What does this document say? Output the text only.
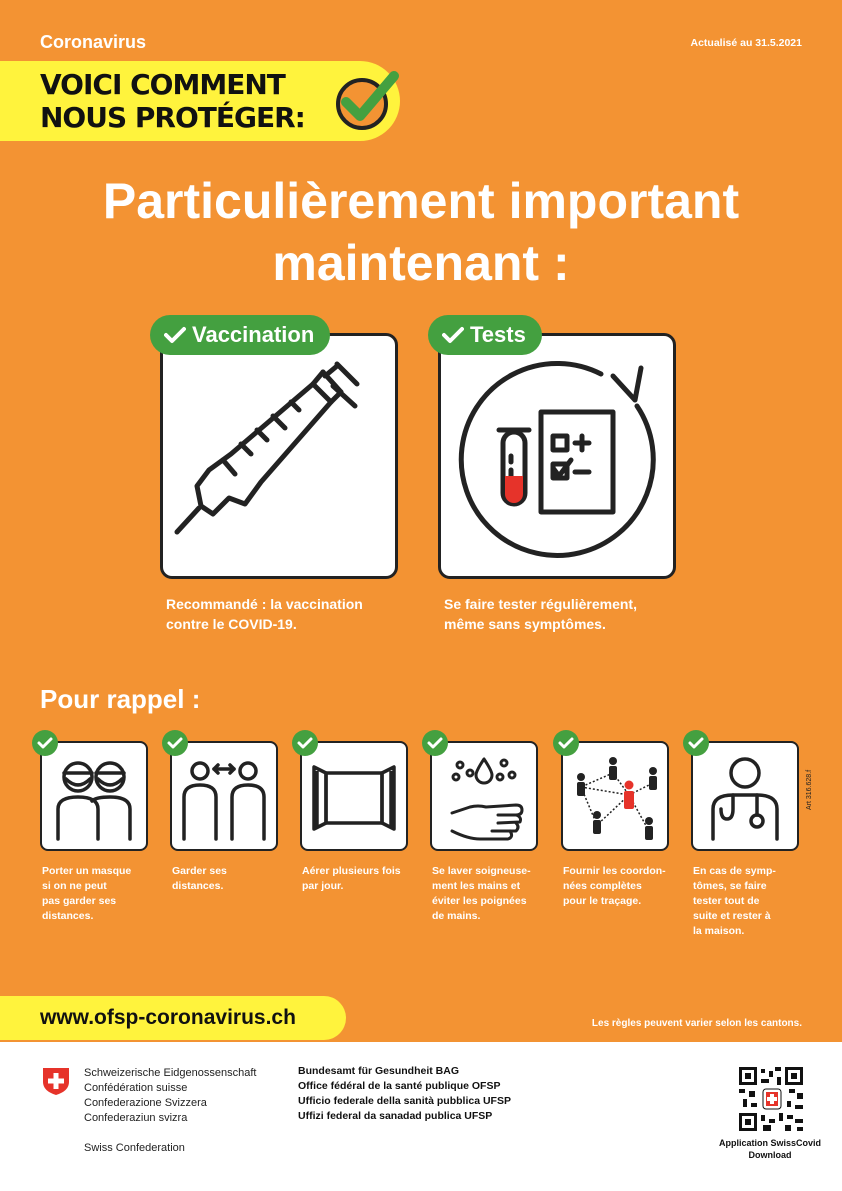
Coronavirus	Actualisé au 31.5.2021
VOICI COMMENT
NOUS PROTÉGER:
Particulièrement important
maintenant :
Vaccination
Recommandé : la vaccination
contre le COVID-19.
Tests
Se faire tester régulièrement,
même sans symptômes.
Pour rappel :
Porter un masque
si on ne peut
pas garder ses
distances.
Garder ses
distances.
Aérer plusieurs fois
par jour.
Se laver soigneuse-
ment les mains et
éviter les poignées
de mains.
Fournir les coordon-
nées complètes
pour le traçage.
En cas de symp-
tômes, se faire
tester tout de
suite et rester à
la maison.
Art 316.628.f
www.ofsp-coronavirus.ch	Les règles peuvent varier selon les cantons.
Schweizerische Eidgenossenschaft
Confédération suisse
Confederazione Svizzera
Confederaziun svizra
Swiss Confederation
Bundesamt für Gesundheit BAG
Office fédéral de la santé publique OFSP
Ufficio federale della sanità pubblica UFSP
Uffizi federal da sanadad publica UFSP
Application SwissCovid
Download
